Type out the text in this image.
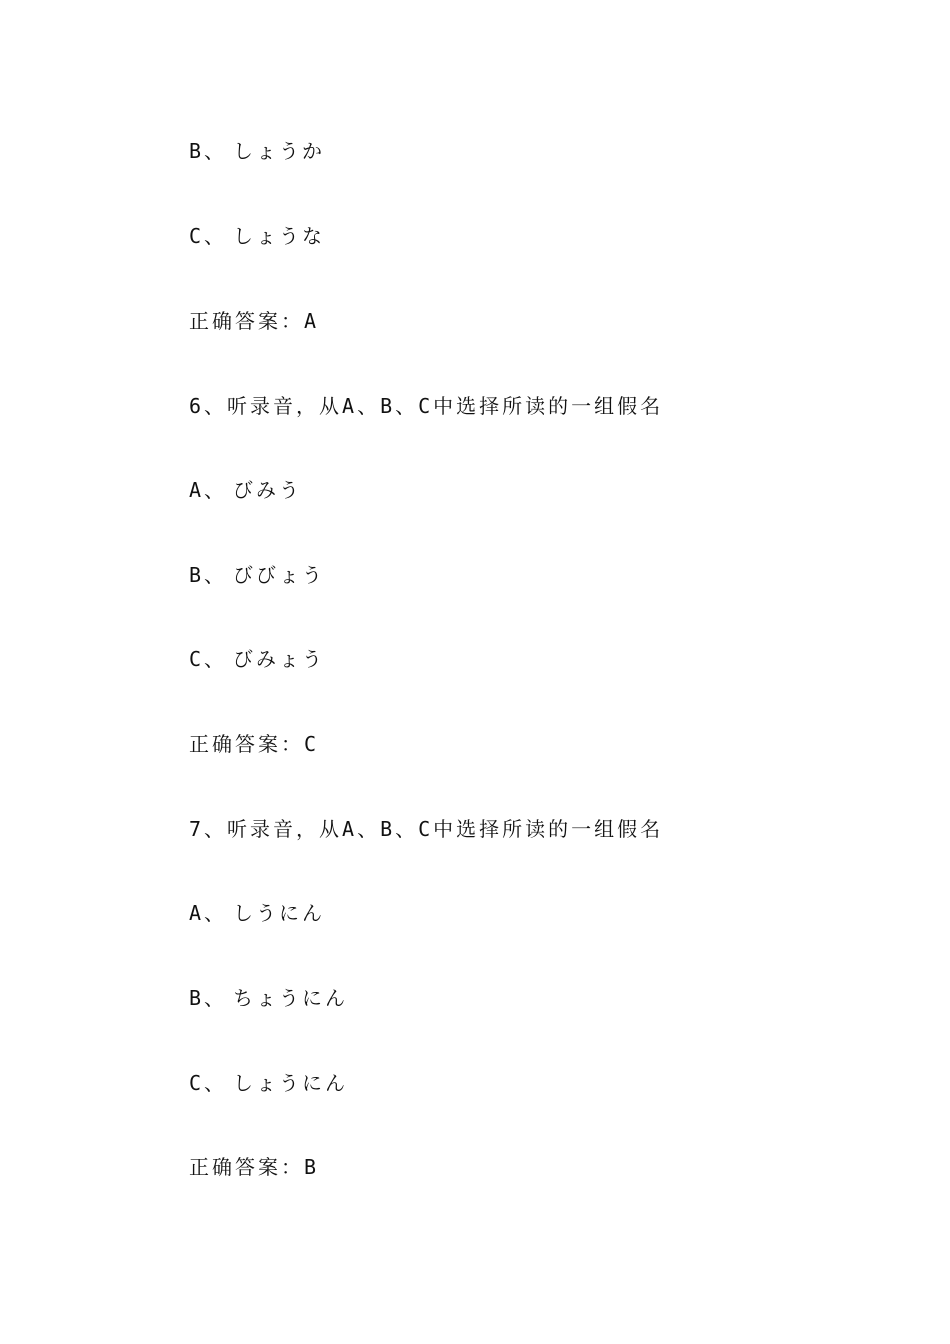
B、 しょうか
C、 しょうな
正确答案：A
6、听录音，从A、B、C中选择所读的一组假名
A、 びみう
B、 びびょう
C、 びみょう
正确答案：C
7、听录音，从A、B、C中选择所读的一组假名
A、 しうにん
B、 ちょうにん
C、 しょうにん
正确答案：B
